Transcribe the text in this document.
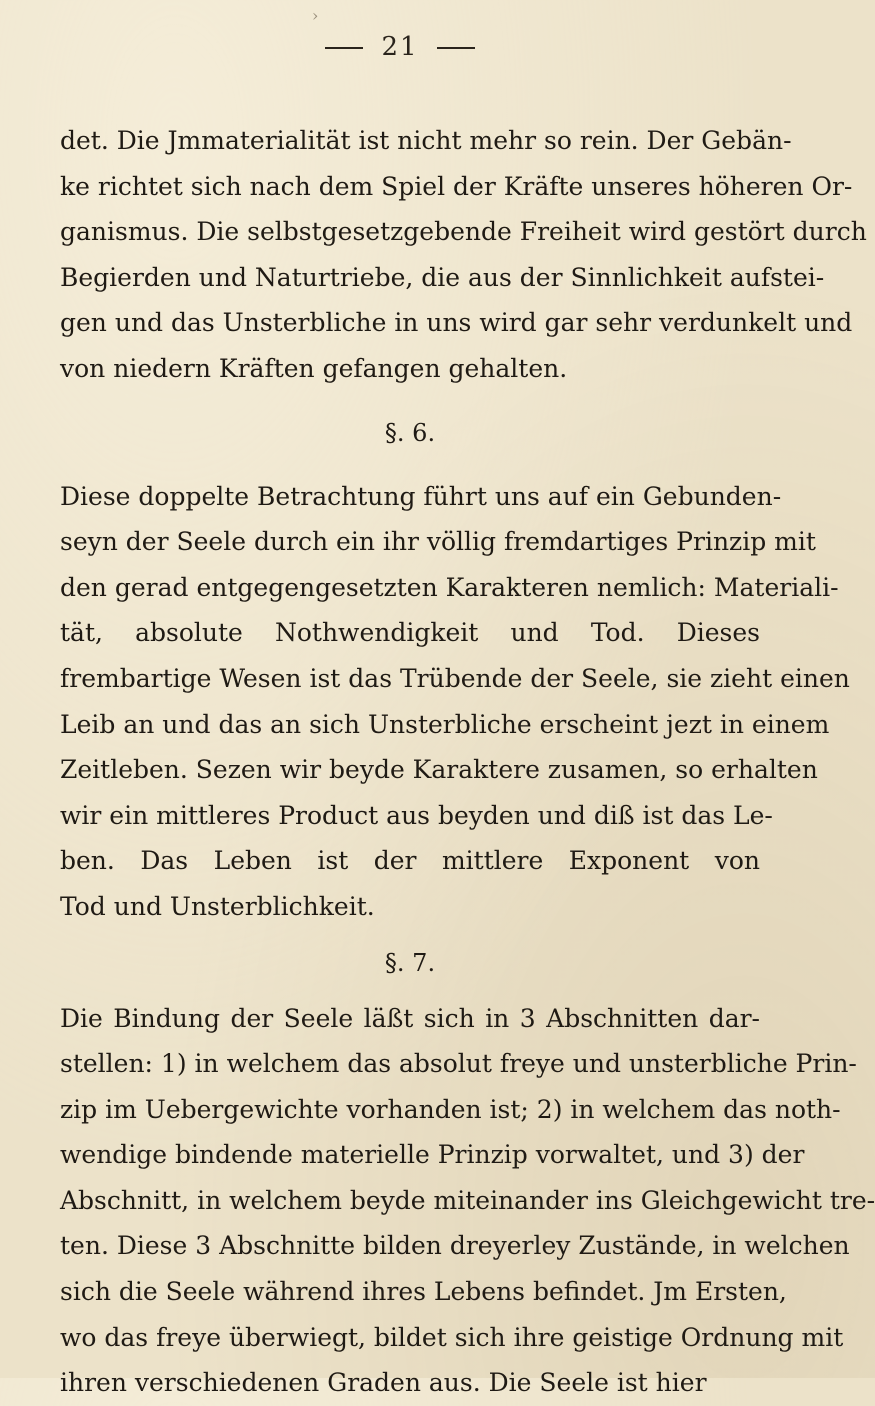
›
21
det. Die Jmmaterialität ist nicht mehr so rein. Der Gebän-
ke richtet sich nach dem Spiel der Kräfte unseres höheren Or-
ganismus. Die selbstgesetzgebende Freiheit wird gestört durch
Begierden und Naturtriebe, die aus der Sinnlichkeit aufstei-
gen und das Unsterbliche in uns wird gar sehr verdunkelt und
von niedern Kräften gefangen gehalten.
§. 6.
Diese doppelte Betrachtung führt uns auf ein Gebunden-
seyn der Seele durch ein ihr völlig fremdartiges Prinzip mit
den gerad entgegengesetzten Karakteren nemlich: Materiali-
tät, absolute Nothwendigkeit und Tod. Dieses
frembartige Wesen ist das Trübende der Seele, sie zieht einen
Leib an und das an sich Unsterbliche erscheint jezt in einem
Zeitleben. Sezen wir beyde Karaktere zusamen, so erhalten
wir ein mittleres Product aus beyden und diß ist das Le-
ben. Das Leben ist der mittlere Exponent von
Tod und Unsterblichkeit.
§. 7.
Die Bindung der Seele läßt sich in 3 Abschnitten dar-
stellen: 1) in welchem das absolut freye und unsterbliche Prin-
zip im Uebergewichte vorhanden ist; 2) in welchem das noth-
wendige bindende materielle Prinzip vorwaltet, und 3) der
Abschnitt, in welchem beyde miteinander ins Gleichgewicht tre-
ten. Diese 3 Abschnitte bilden dreyerley Zustände, in welchen
sich die Seele während ihres Lebens befindet. Jm Ersten,
wo das freye überwiegt, bildet sich ihre geistige Ordnung mit
ihren verschiedenen Graden aus. Die Seele ist hier
